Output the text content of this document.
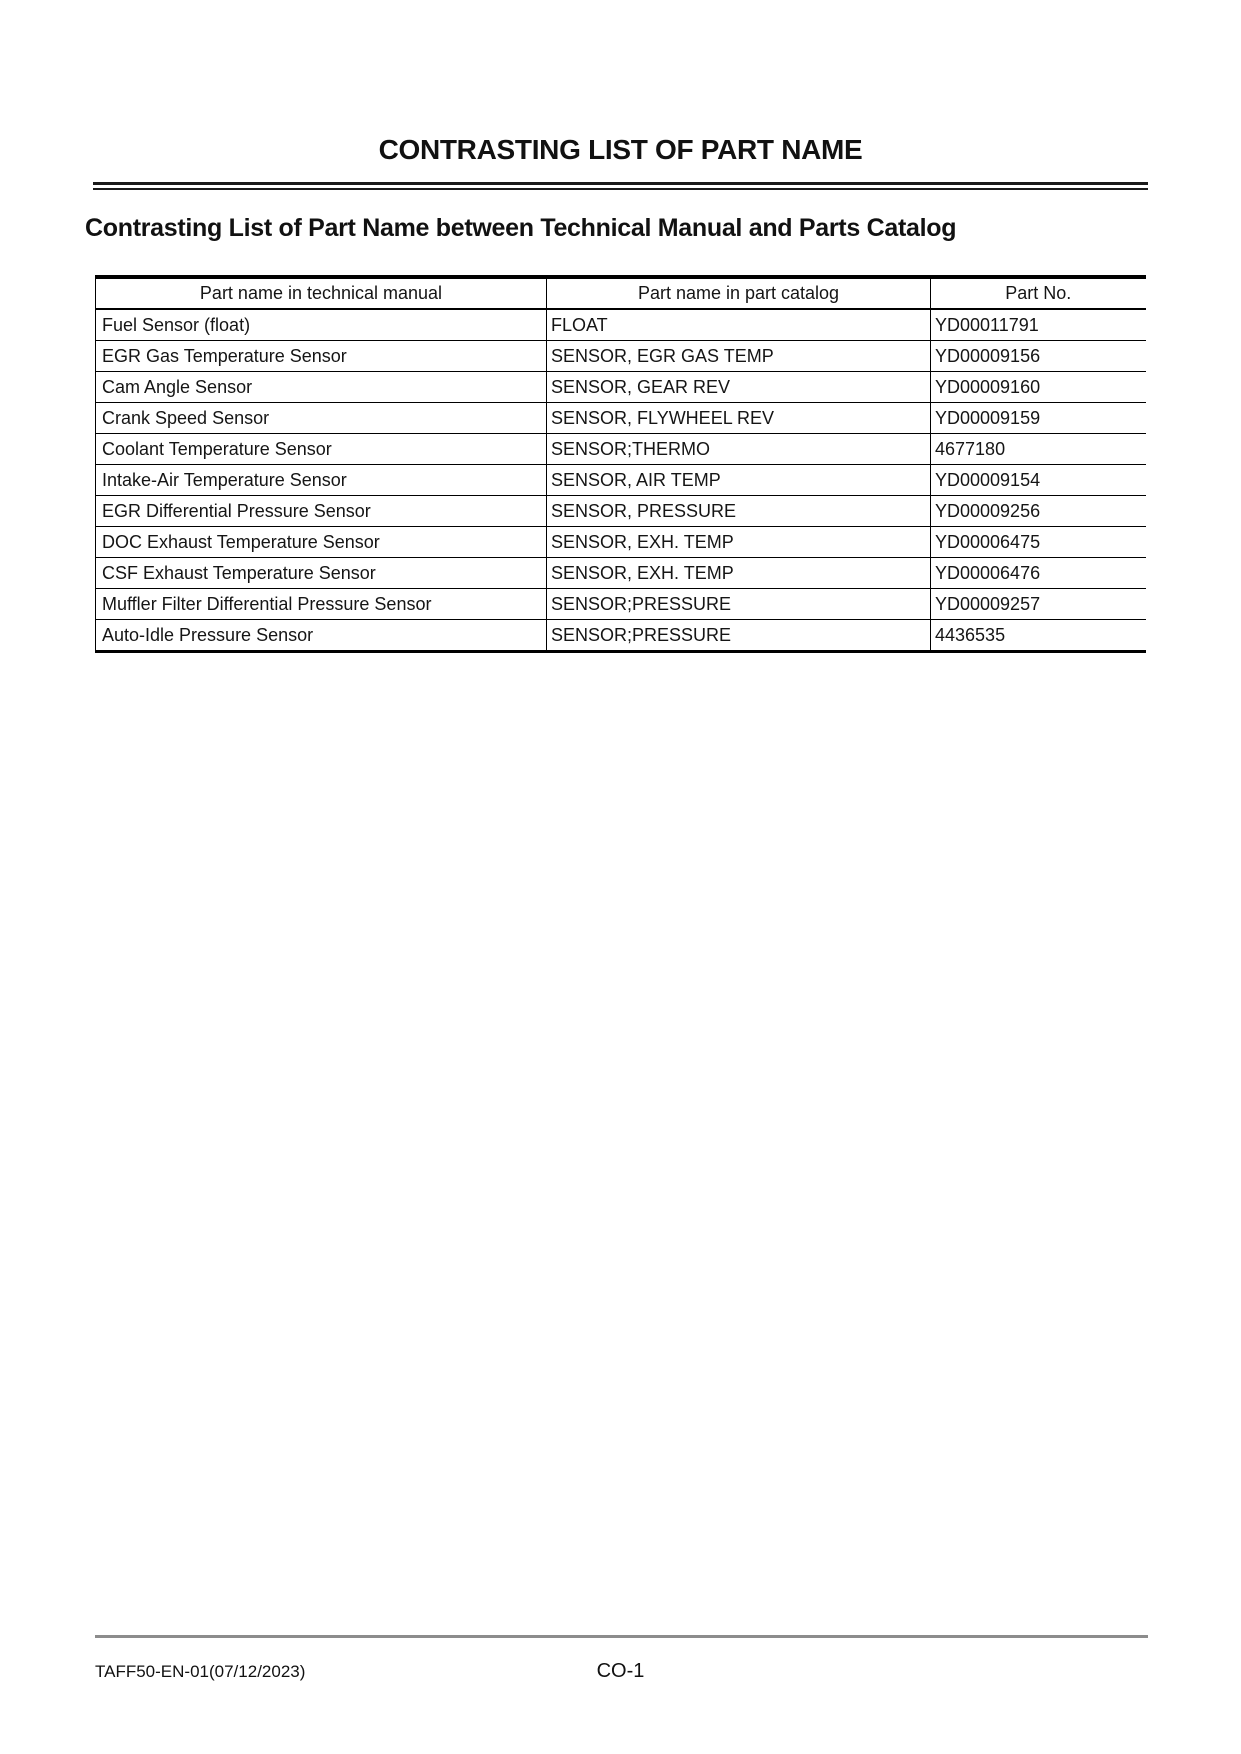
CONTRASTING LIST OF PART NAME
Contrasting List of Part Name between Technical Manual and Parts Catalog
Part name in technical manual	Part name in part catalog	Part No.
Fuel Sensor (float)	FLOAT	YD00011791
EGR Gas Temperature Sensor	SENSOR, EGR GAS TEMP	YD00009156
Cam Angle Sensor	SENSOR, GEAR REV	YD00009160
Crank Speed Sensor	SENSOR, FLYWHEEL REV	YD00009159
Coolant Temperature Sensor	SENSOR;THERMO	4677180
Intake-Air Temperature Sensor	SENSOR, AIR TEMP	YD00009154
EGR Differential Pressure Sensor	SENSOR, PRESSURE	YD00009256
DOC Exhaust Temperature Sensor	SENSOR, EXH. TEMP	YD00006475
CSF Exhaust Temperature Sensor	SENSOR, EXH. TEMP	YD00006476
Muffler Filter Differential Pressure Sensor	SENSOR;PRESSURE	YD00009257
Auto-Idle Pressure Sensor	SENSOR;PRESSURE	4436535
TAFF50-EN-01(07/12/2023)	CO-1
